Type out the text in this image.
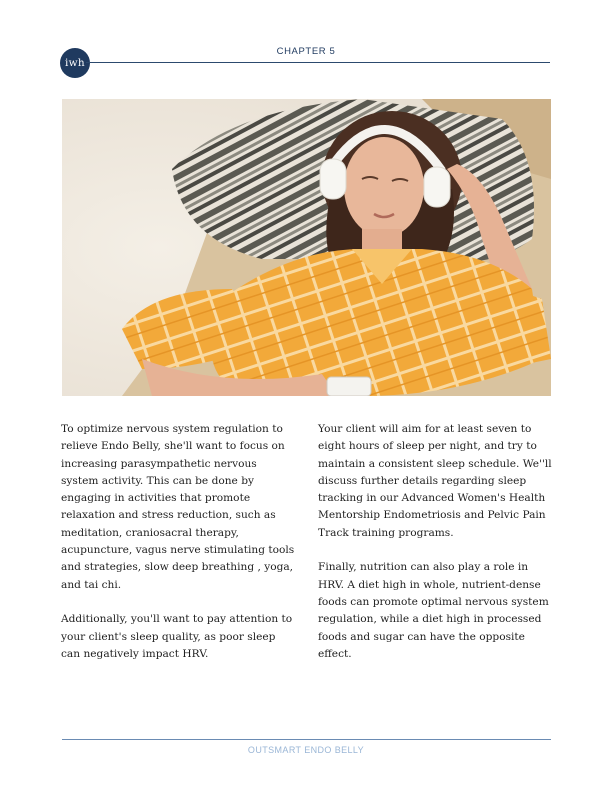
iwh
CHAPTER 5

To optimize nervous system regulation to relieve Endo Belly, she'll want to focus on increasing parasympathetic nervous system activity. This can be done by engaging in activities that promote relaxation and stress reduction, such as meditation, craniosacral therapy, acupuncture, vagus nerve stimulating tools and strategies, slow deep breathing , yoga, and tai chi.

Additionally, you'll want to pay attention to your client's sleep quality, as poor sleep can negatively impact HRV.

Your client will aim for at least seven to eight hours of sleep per night, and try to maintain a consistent sleep schedule. We''ll discuss further details regarding sleep tracking in our Advanced Women's Health Mentorship Endometriosis and Pelvic Pain Track training programs.

Finally, nutrition can also play a role in HRV. A diet high in whole, nutrient-dense foods can promote optimal nervous system regulation, while a diet high in processed foods and sugar can have the opposite effect.

OUTSMART ENDO BELLY
